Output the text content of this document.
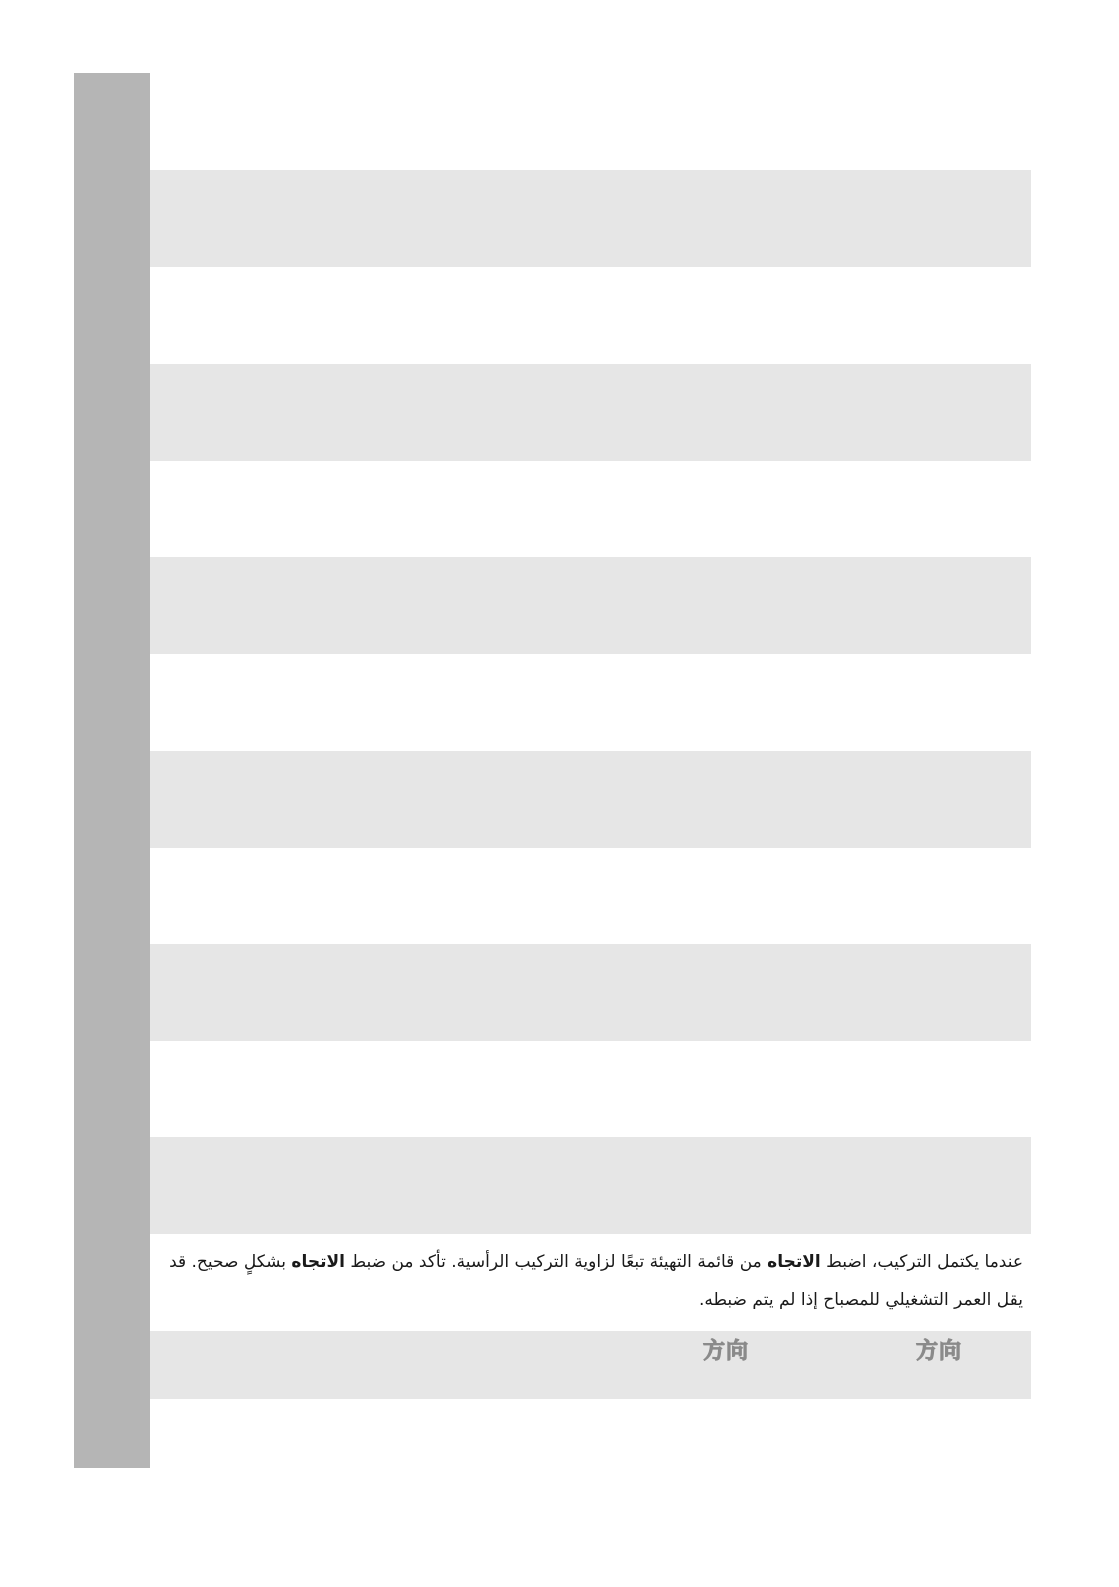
عندما يكتمل التركيب، اضبط الاتجاه من قائمة التهيئة تبعًا لزاوية التركيب الرأسية. تأكد من ضبط الاتجاه بشكلٍ صحيح. قد يقل العمر التشغيلي للمصباح إذا لم يتم ضبطه.

方向	方向
